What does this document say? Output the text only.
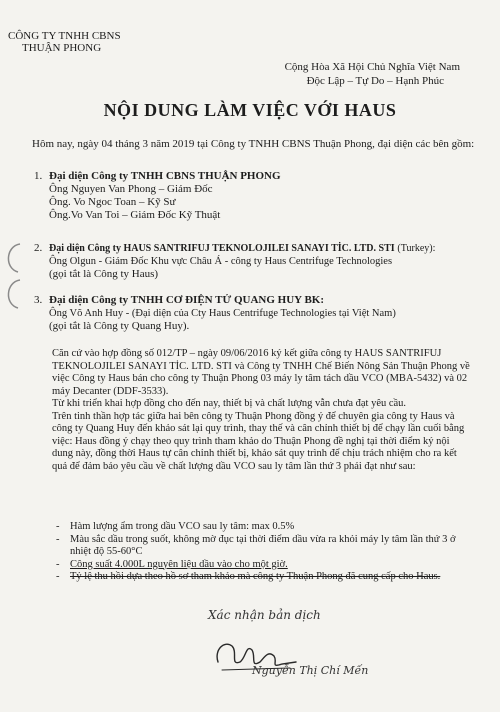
CÔNG TY TNHH CBNS
THUẬN PHONG
Cộng Hòa Xã Hội Chủ Nghĩa Việt Nam
Độc Lập – Tự Do – Hạnh Phúc
NỘI DUNG LÀM VIỆC VỚI HAUS
Hôm nay, ngày 04 tháng 3 năm 2019 tại Công ty TNHH CBNS Thuận Phong, đại diện các bên gồm:
1. Đại diện Công ty TNHH CBNS THUẬN PHONG
Ông Nguyen Van Phong – Giám Đốc
Ông. Vo Ngoc Toan – Kỹ Sư
Ông.Vo Van Toi – Giám Đốc Kỹ Thuật
2. Đại diện Công ty HAUS SANTRIFUJ TEKNOLOJILEI SANAYI TİC. LTD. STI (Turkey):
Ông Olgun - Giám Đốc Khu vực Châu Á - công ty Haus Centrifuge Technologies
(gọi tắt là Công ty Haus)
3. Đại diện Công ty TNHH CƠ ĐIỆN TỬ QUANG HUY BK:
Ông Võ Anh Huy - (Đại diện của Cty Haus Centrifuge Technologies tại Việt Nam)
(gọi tắt là Công ty Quang Huy).

Căn cứ vào hợp đồng số 012/TP – ngày 09/06/2016 ký kết giữa công ty HAUS SANTRIFUJ TEKNOLOJILEI SANAYI TİC. LTD. STI và Công ty TNHH Chế Biến Nông Sản Thuận Phong về việc Công ty Haus bán cho công ty Thuận Phong 03 máy ly tâm tách dầu VCO (MBA-5432) và 02 máy Decanter (DDF-3533).

Từ khi triển khai hợp đồng cho đến nay, thiết bị và chất lượng vẫn chưa đạt yêu cầu.

Trên tinh thần hợp tác giữa hai bên công ty Thuận Phong đồng ý để chuyên gia công ty Haus và công ty Quang Huy đến khảo sát lại quy trình, thay thế và cân chỉnh thiết bị để chạy lần cuối bằng việc: Haus đồng ý chạy theo quy trình tham khảo do Thuận Phong đề nghị tại thời điểm ký nội dung này, đồng thời Haus tự cân chỉnh thiết bị, khảo sát quy trình để chịu trách nhiệm cho ra kết quả để đảm bảo yêu cầu về chất lượng dầu VCO sau ly tâm lần thứ 3 phải đạt như sau:

- Hàm lượng ẩm trong dầu VCO sau ly tâm: max 0.5%
- Màu sắc dầu trong suốt, không mờ đục tại thời điểm dầu vừa ra khỏi máy ly tâm lần thứ 3 ở nhiệt độ 55-60°C
- Công suất 4.000L nguyên liệu dầu vào cho một giờ.
- Tỷ lệ thu hồi dựa theo hồ sơ tham khảo mà công ty Thuận Phong đã cung cấp cho Haus.
Xác nhận bản dịch
Nguyễn Thị Chí Mến
